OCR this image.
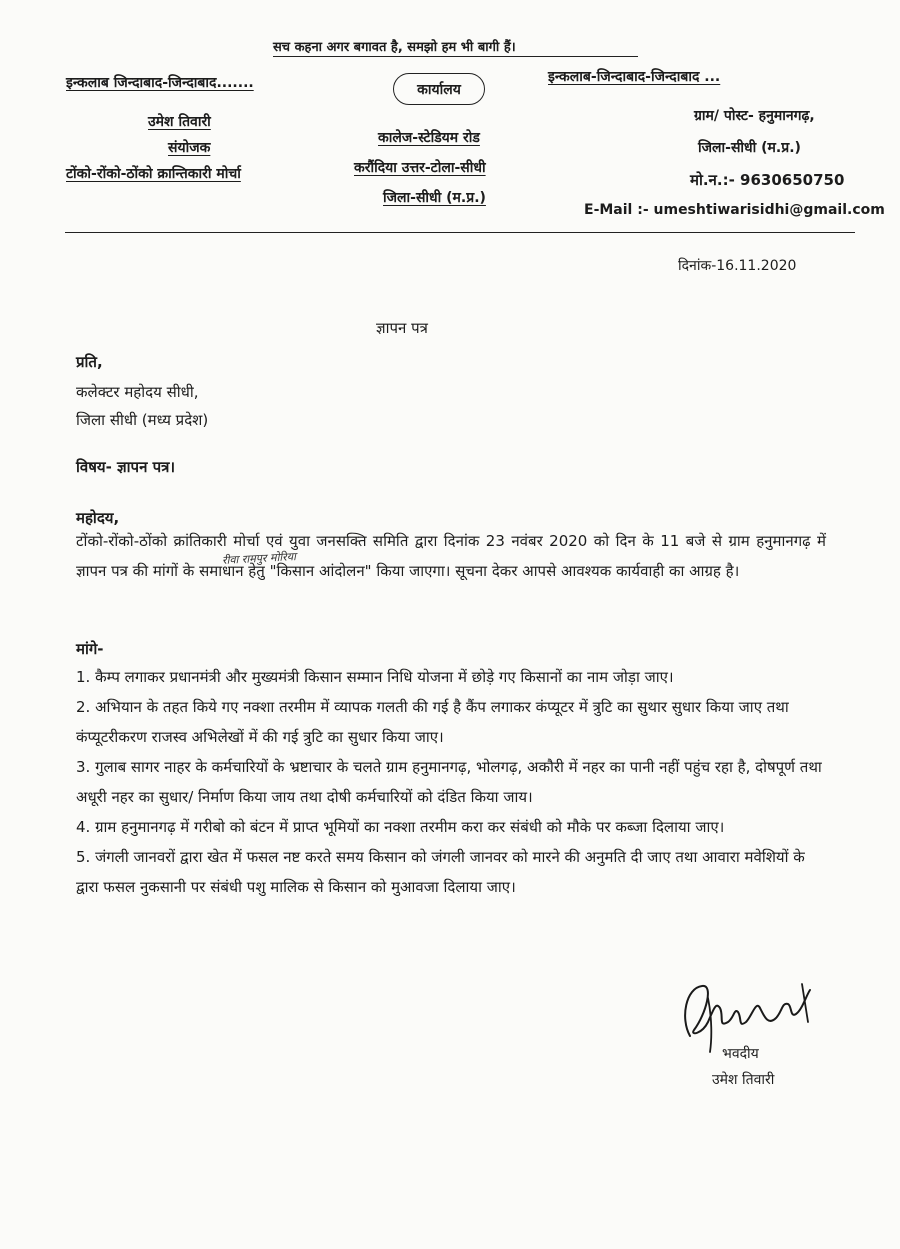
सच कहना अगर बगावत है, समझो हम भी बागी हैं।
इन्कलाब जिन्दाबाद-जिन्दाबाद.......	इन्कलाब-जिन्दाबाद-जिन्दाबाद ...
कार्यालय
उमेश तिवारी
संयोजक
टोंको-रोंको-ठोंको क्रान्तिकारी मोर्चा
कालेज-स्टेडियम रोड
करौंदिया उत्तर-टोला-सीधी
जिला-सीधी (म.प्र.)
ग्राम/ पोस्ट- हनुमानगढ़,
जिला-सीधी (म.प्र.)
मो.न.:- 9630650750
E-Mail :- umeshtiwarisidhi@gmail.com
दिनांक-16.11.2020
ज्ञापन पत्र
प्रति,
कलेक्टर महोदय सीधी,
जिला सीधी (मध्य प्रदेश)
विषय- ज्ञापन पत्र।
महोदय,

टोंको-रोंको-ठोंको क्रांतिकारी मोर्चा एवं युवा जनसक्ति समिति द्वारा दिनांक 23 नवंबर 2020 को दिन के 11 बजे से ग्राम हनुमानगढ़ में ज्ञापन पत्र की मांगों के समाधान हेतु "किसान आंदोलन" किया जाएगा। सूचना देकर आपसे आवश्यक कार्यवाही का आग्रह है।

रीवा रामपुर मोरिया
मांगे-

1. कैम्प लगाकर प्रधानमंत्री और मुख्यमंत्री किसान सम्मान निधि योजना में छोड़े गए किसानों का नाम जोड़ा जाए।

2. अभियान के तहत किये गए नक्शा तरमीम में व्यापक गलती की गई है कैंप लगाकर कंप्यूटर में त्रुटि का सुथार सुधार किया जाए तथा कंप्यूटरीकरण राजस्व अभिलेखों में की गई त्रुटि का सुधार किया जाए।

3. गुलाब सागर नाहर के कर्मचारियों के भ्रष्टाचार के चलते ग्राम हनुमानगढ़, भोलगढ़, अकौरी में नहर का पानी नहीं पहुंच रहा है, दोषपूर्ण तथा अधूरी नहर का सुधार/ निर्माण किया जाय तथा दोषी कर्मचारियों को दंडित किया जाय।

4. ग्राम हनुमानगढ़ में गरीबो को बंटन में प्राप्त भूमियों का नक्शा तरमीम करा कर संबंधी को मौके पर कब्जा दिलाया जाए।

5. जंगली जानवरों द्वारा खेत में फसल नष्ट करते समय किसान को जंगली जानवर को मारने की अनुमति दी जाए तथा आवारा मवेशियों के द्वारा फसल नुकसानी पर संबंधी पशु मालिक से किसान को मुआवजा दिलाया जाए।

भवदीय
उमेश तिवारी
